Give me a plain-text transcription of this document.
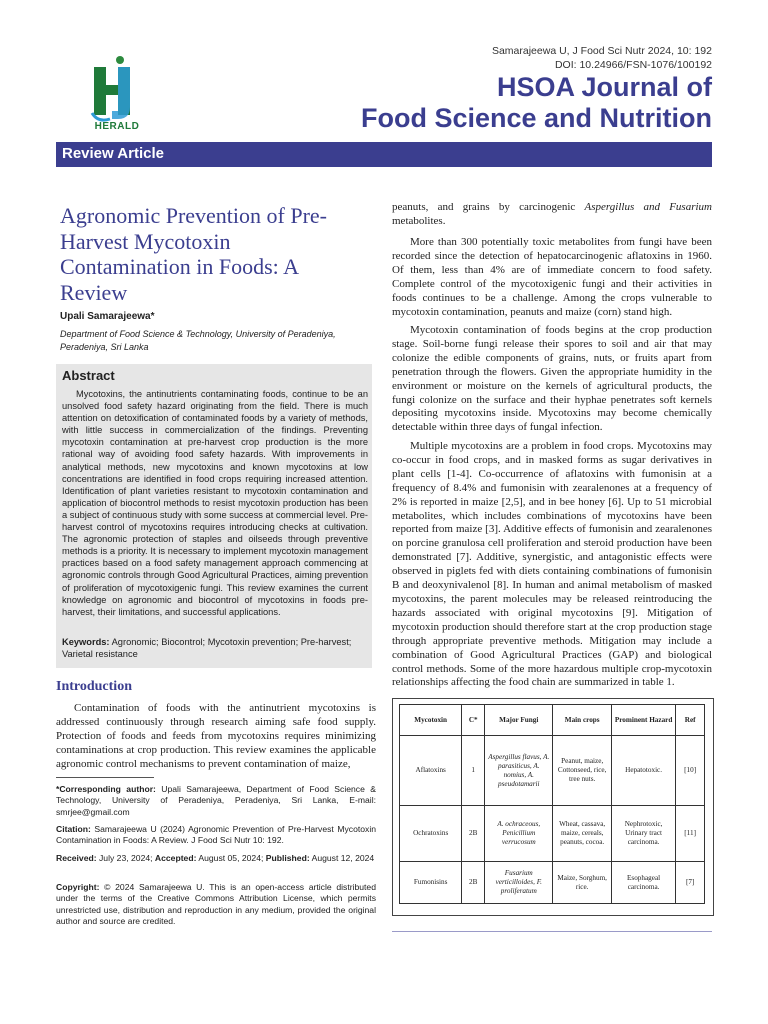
Samarajeewa U, J Food Sci Nutr 2024, 10: 192
DOI: 10.24966/FSN-1076/100192
HSOA Journal of
Food Science and Nutrition
HERALD
Review Article
Agronomic Prevention of Pre-Harvest Mycotoxin Contamination in Foods: A Review
Upali Samarajeewa*
Department of Food Science & Technology, University of Peradeniya, Peradeniya, Sri Lanka
Abstract
Mycotoxins, the antinutrients contaminating foods, continue to be an unsolved food safety hazard originating from the field. There is much attention on detoxification of contaminated foods by a variety of methods, with little success in commercialization of the findings. Preventing mycotoxin contamination at pre-harvest crop production is the more rational way of avoiding food safety hazards. With improvements in analytical methods, new mycotoxins and known mycotoxins at low concentrations are identified in food crops requiring increased attention. Identification of plant varieties resistant to mycotoxin contamination and application of biocontrol methods to resist mycotoxin production has been a subject of continuous study with some success at commercial level. Pre-harvest control of mycotoxins requires introducing checks at cultivation. The agronomic protection of staples and oilseeds through preventive methods is a priority. It is necessary to implement mycotoxin management practices based on a food safety management approach commencing at agronomic controls through Good Agricultural Practices, aiming prevention of proliferation of mycotoxigenic fungi. This review examines the current knowledge on agronomic and biocontrol of mycotoxins in foods pre-harvest, their limitations, and successful applications.
Keywords: Agronomic; Biocontrol; Mycotoxin prevention; Pre-harvest; Varietal resistance
Introduction
Contamination of foods with the antinutrient mycotoxins is addressed continuously through research aiming safe food supply. Protection of foods and feeds from mycotoxins requires minimizing contaminations at crop production. This review examines the applicable agronomic control mechanisms to prevent contamination of maize,
*Corresponding author: Upali Samarajeewa, Department of Food Science & Technology, University of Peradeniya, Peradeniya, Sri Lanka, E-mail: smrjee@gmail.com
Citation: Samarajeewa U (2024) Agronomic Prevention of Pre-Harvest Mycotoxin Contamination in Foods: A Review. J Food Sci Nutr 10: 192.
Received: July 23, 2024; Accepted: August 05, 2024; Published: August 12, 2024
Copyright: © 2024 Samarajeewa U. This is an open-access article distributed under the terms of the Creative Commons Attribution License, which permits unrestricted use, distribution and reproduction in any medium, provided the original author and source are credited.
peanuts, and grains by carcinogenic Aspergillus and Fusarium metabolites.
More than 300 potentially toxic metabolites from fungi have been recorded since the detection of hepatocarcinogenic aflatoxins in 1960. Of them, less than 4% are of immediate concern to food safety. Complete control of the mycotoxigenic fungi and their activities in foods continues to be a challenge. Among the crops vulnerable to mycotoxin contamination, peanuts and maize (corn) stand high.
Mycotoxin contamination of foods begins at the crop production stage. Soil-borne fungi release their spores to soil and air that may colonize the edible components of grains, nuts, or fruits apart from penetration through the flowers. Given the appropriate humidity in the environment or moisture on the kernels of agricultural products, the fungi colonize on the surface and their hyphae penetrates soft kernels depositing mycotoxins inside. Mycotoxins may become chemically detectable within three days of fungal infection.
Multiple mycotoxins are a problem in food crops. Mycotoxins may co-occur in food crops, and in masked forms as sugar derivatives in plant cells [1-4]. Co-occurrence of aflatoxins with fumonisin at a frequency of 8.4% and fumonisin with zearalenones at a frequency of 2% is reported in maize [2,5], and in bee honey [6]. Up to 51 microbial metabolites, which includes combinations of mycotoxins have been reported from maize [3]. Additive effects of fumonisin and zearalenones on porcine granulosa cell proliferation and steroid production have been demonstrated [7]. Additive, synergistic, and antagonistic effects were observed in piglets fed with diets containing combinations of fumonisin B and deoxynivalenol [8]. In human and animal metabolism of masked mycotoxins, the parent molecules may be released reintroducing the hazards associated with original mycotoxins [9]. Mitigation of mycotoxin production should therefore start at the crop production stage through appropriate preventive methods. Mitigation may include a combination of Good Agricultural Practices (GAP) and biological control methods. Some of the more hazardous multiple crop-mycotoxin relationships affecting the food chain are summarized in table 1.
Mycotoxin	C*	Major Fungi	Main crops	Prominent Hazard	Ref
Aflatoxins	1	Aspergillus flavus, A. parasiticus, A. nomius, A. pseudotamarii	Peanut, maize, Cottonseed, rice, tree nuts.	Hepatotoxic.	[10]
Ochratoxins	2B	A. ochraceous, Penicillium verrucosum	Wheat, cassava, maize, cereals, peanuts, cocoa.	Nephrotoxic, Urinary tract carcinoma.	[11]
Fumonisins	2B	Fusarium verticilloides, F. proliferatum	Maize, Sorghum, rice.	Esophageal carcinoma.	[7]
